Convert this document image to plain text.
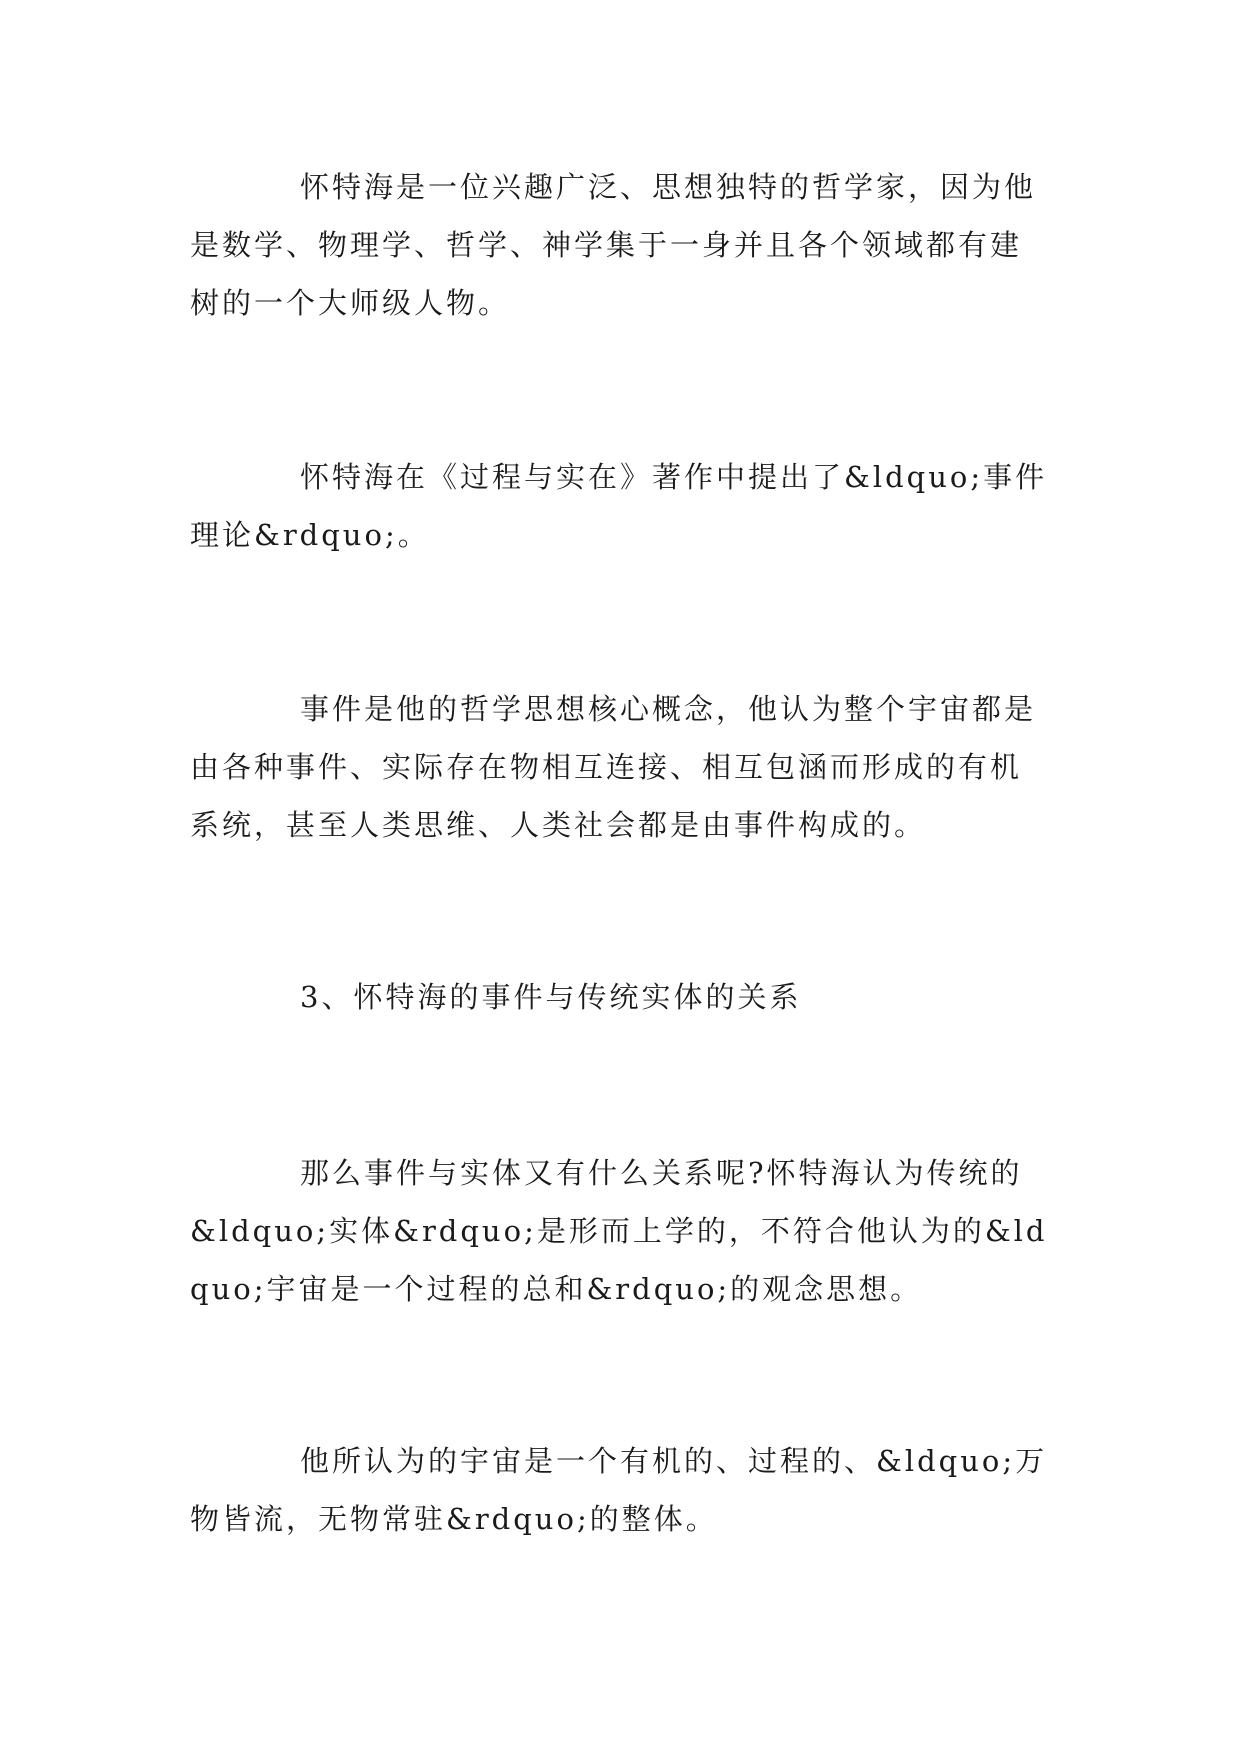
怀特海是一位兴趣广泛、思想独特的哲学家，因为他是数学、物理学、哲学、神学集于一身并且各个领域都有建树的一个大师级人物。

怀特海在《过程与实在》著作中提出了&ldquo;事件理论&rdquo;。

事件是他的哲学思想核心概念，他认为整个宇宙都是由各种事件、实际存在物相互连接、相互包涵而形成的有机系统，甚至人类思维、人类社会都是由事件构成的。

3、怀特海的事件与传统实体的关系

那么事件与实体又有什么关系呢?怀特海认为传统的&ldquo;实体&rdquo;是形而上学的，不符合他认为的&ldquo;宇宙是一个过程的总和&rdquo;的观念思想。

他所认为的宇宙是一个有机的、过程的、&ldquo;万物皆流，无物常驻&rdquo;的整体。
